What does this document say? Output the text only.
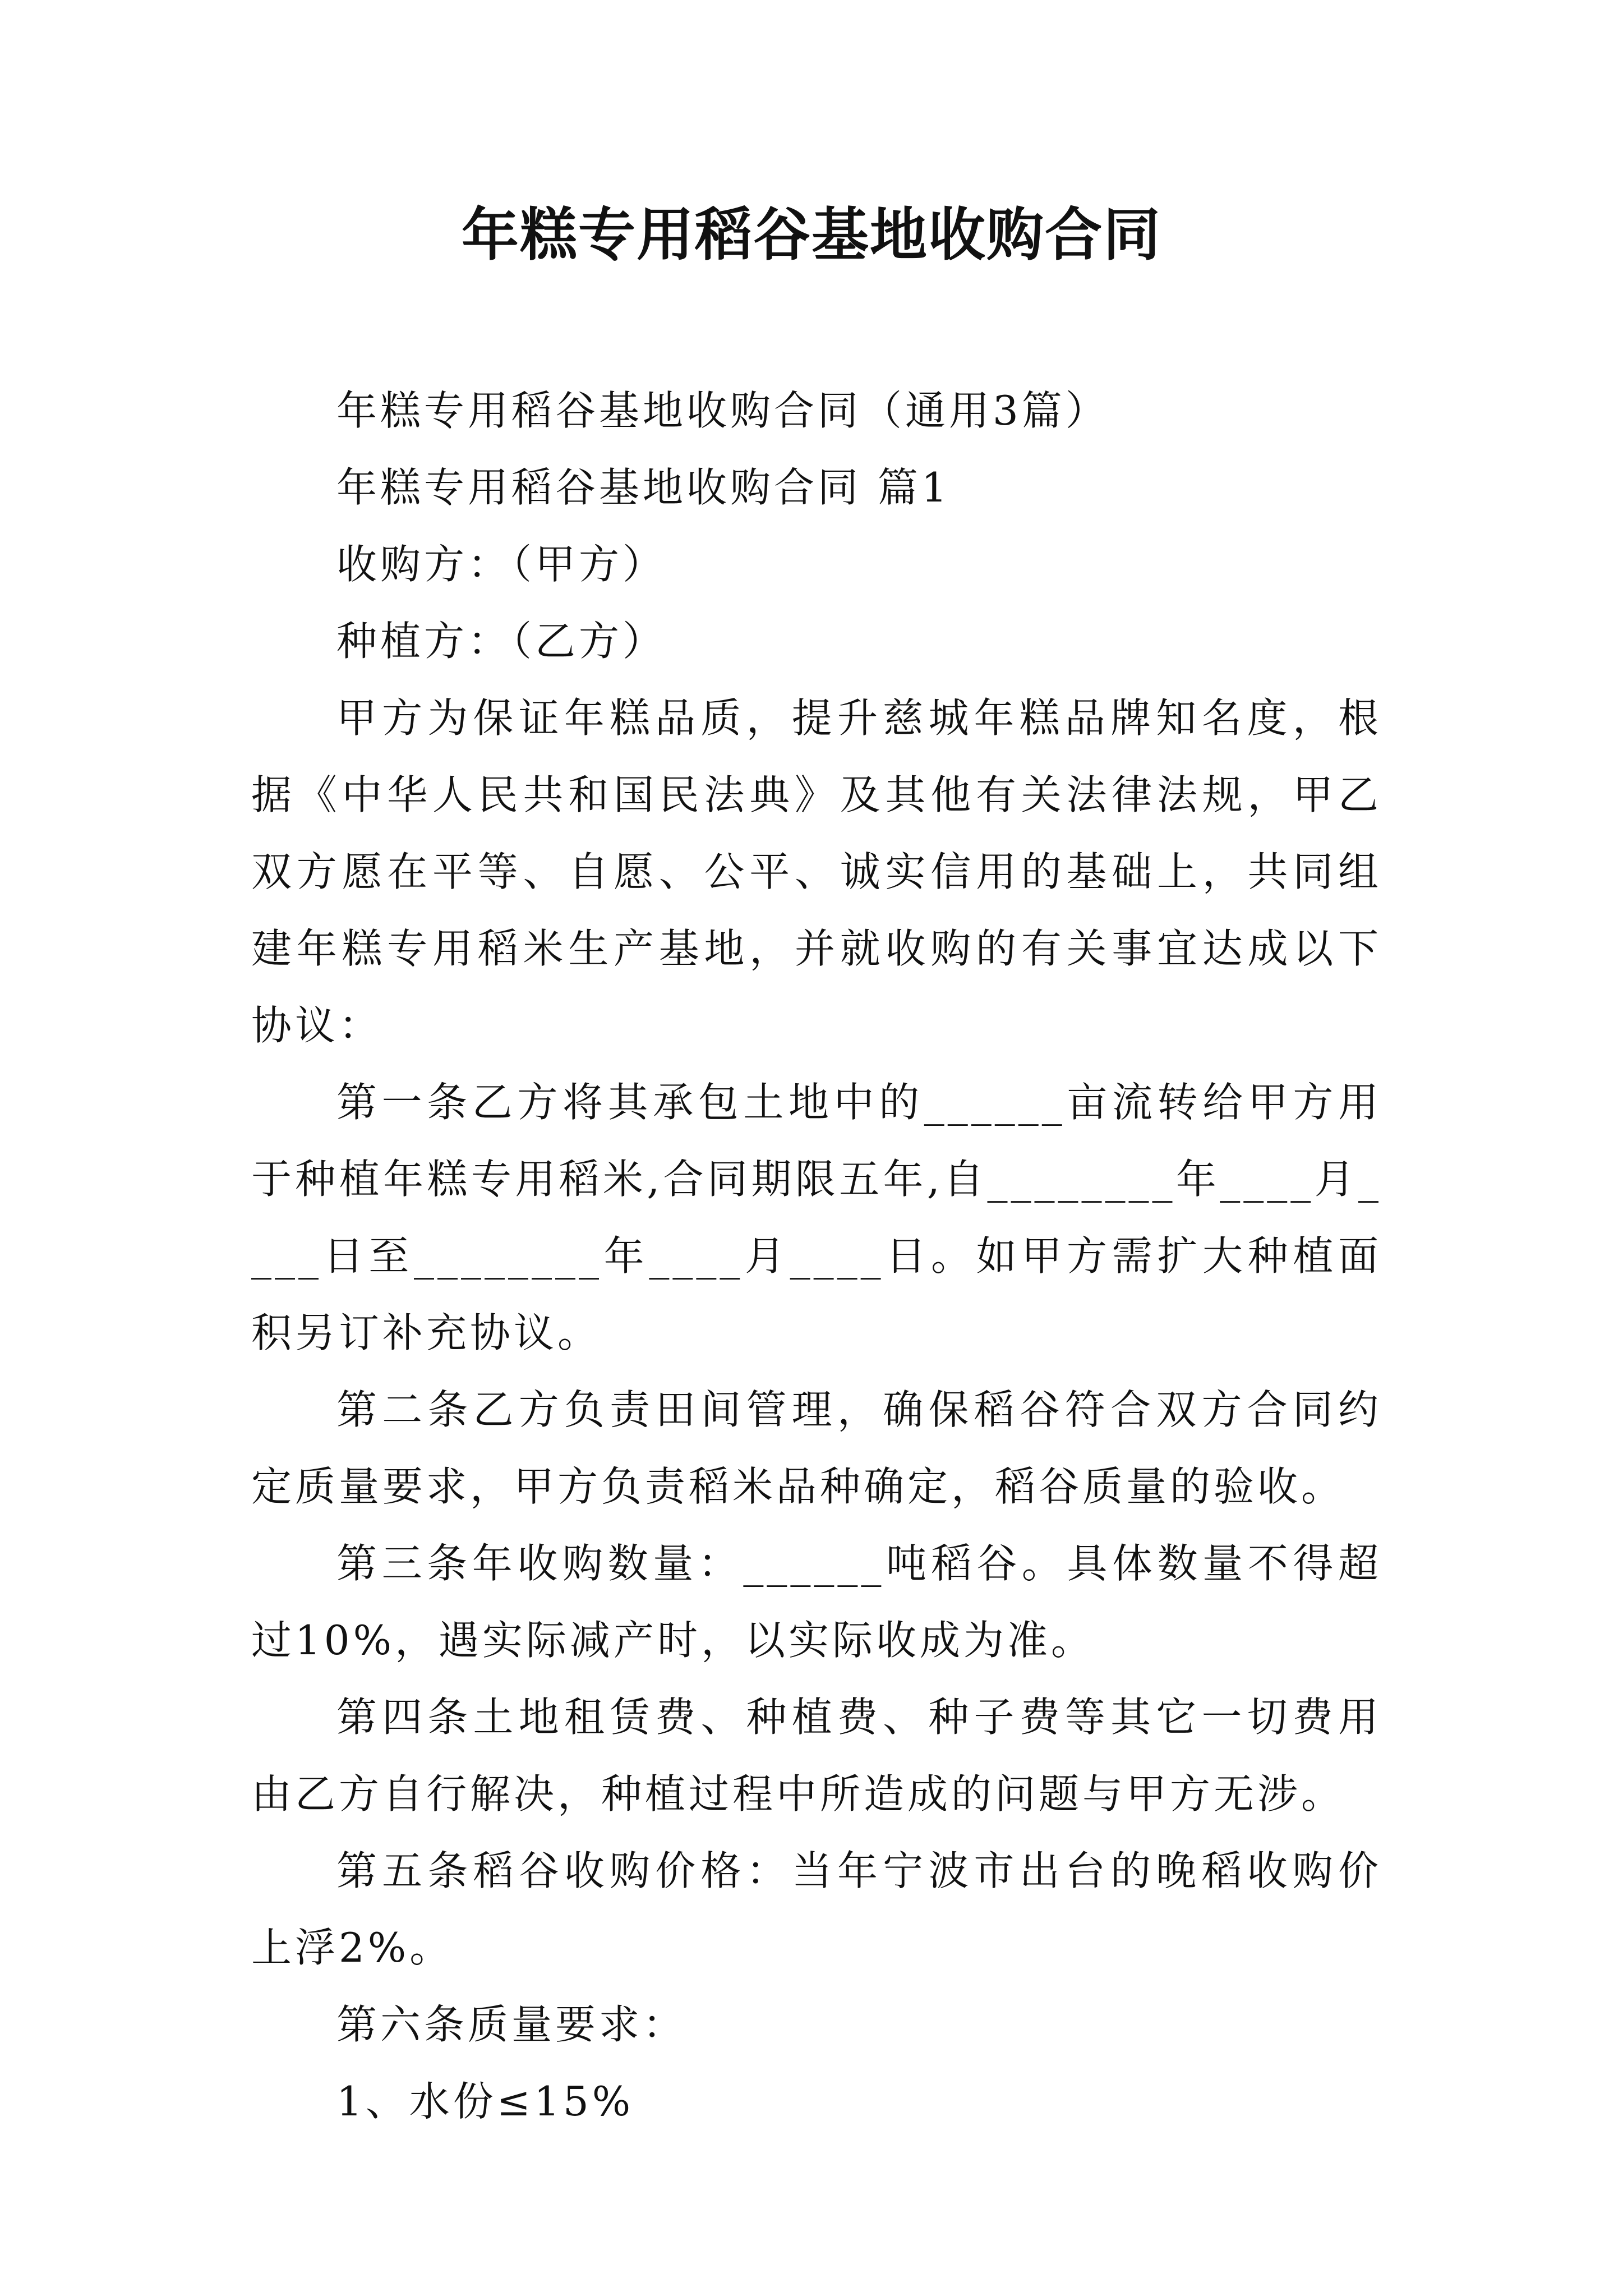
年糕专用稻谷基地收购合同

年糕专用稻谷基地收购合同（通用3篇）

年糕专用稻谷基地收购合同 篇1

收购方：（甲方）

种植方：（乙方）

甲方为保证年糕品质，提升慈城年糕品牌知名度，根据《中华人民共和国民法典》及其他有关法律法规，甲乙双方愿在平等、自愿、公平、诚实信用的基础上，共同组建年糕专用稻米生产基地，并就收购的有关事宜达成以下协议：

第一条乙方将其承包土地中的______亩流转给甲方用于种植年糕专用稻米,合同期限五年,自________年____月____日至________年____月____日。如甲方需扩大种植面积另订补充协议。

第二条乙方负责田间管理，确保稻谷符合双方合同约定质量要求，甲方负责稻米品种确定，稻谷质量的验收。

第三条年收购数量：______吨稻谷。具体数量不得超过10%，遇实际减产时，以实际收成为准。

第四条土地租赁费、种植费、种子费等其它一切费用由乙方自行解决，种植过程中所造成的问题与甲方无涉。

第五条稻谷收购价格：当年宁波市出台的晚稻收购价上浮2%。

第六条质量要求：

1、水份≤15%
